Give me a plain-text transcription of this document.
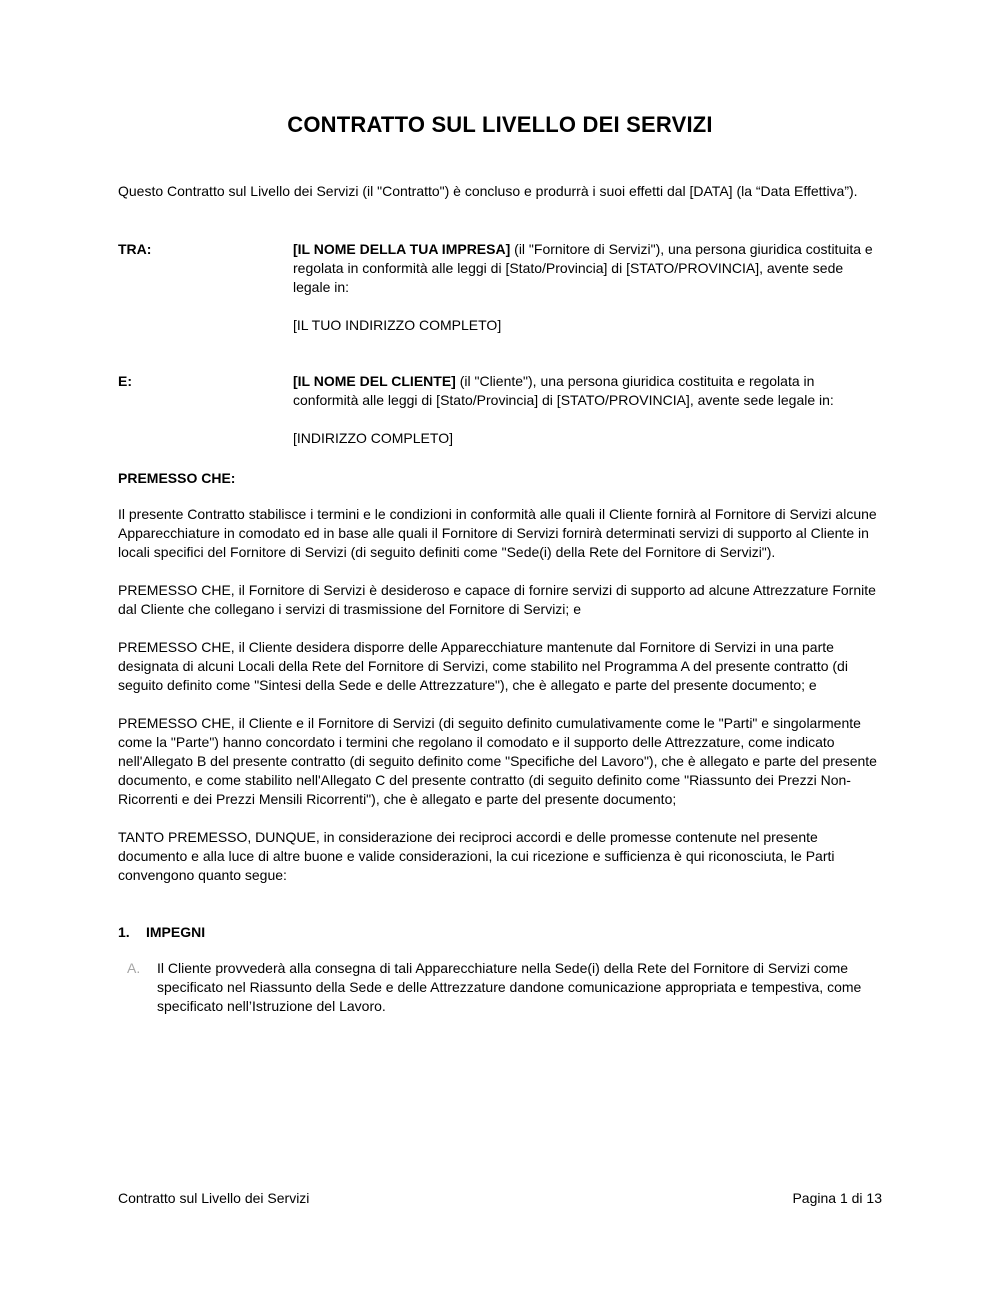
CONTRATTO SUL LIVELLO DEI SERVIZI

Questo Contratto sul Livello dei Servizi (il "Contratto") è concluso e produrrà i suoi effetti dal [DATA] (la “Data Effettiva”).

TRA:	[IL NOME DELLA TUA IMPRESA] (il "Fornitore di Servizi"), una persona giuridica costituita e regolata in conformità alle leggi di [Stato/Provincia] di [STATO/PROVINCIA], avente sede legale in:

[IL TUO INDIRIZZO COMPLETO]

E:	[IL NOME DEL CLIENTE] (il "Cliente"), una persona giuridica costituita e regolata in conformità alle leggi di [Stato/Provincia] di [STATO/PROVINCIA], avente sede legale in:

[INDIRIZZO COMPLETO]

PREMESSO CHE:

Il presente Contratto stabilisce i termini e le condizioni in conformità alle quali il Cliente fornirà al Fornitore di Servizi alcune Apparecchiature in comodato ed in base alle quali il Fornitore di Servizi fornirà determinati servizi di supporto al Cliente in locali specifici del Fornitore di Servizi (di seguito definiti come "Sede(i) della Rete del Fornitore di Servizi").

PREMESSO CHE, il Fornitore di Servizi è desideroso e capace di fornire servizi di supporto ad alcune Attrezzature Fornite dal Cliente che collegano i servizi di trasmissione del Fornitore di Servizi; e

PREMESSO CHE, il Cliente desidera disporre delle Apparecchiature mantenute dal Fornitore di Servizi in una parte designata di alcuni Locali della Rete del Fornitore di Servizi, come stabilito nel Programma A del presente contratto (di seguito definito come "Sintesi della Sede e delle Attrezzature"), che è allegato e parte del presente documento; e

PREMESSO CHE, il Cliente e il Fornitore di Servizi (di seguito definito cumulativamente come le "Parti" e singolarmente come la "Parte") hanno concordato i termini che regolano il comodato e il supporto delle Attrezzature, come indicato nell'Allegato B del presente contratto (di seguito definito come "Specifiche del Lavoro"), che è allegato e parte del presente documento, e come stabilito nell'Allegato C del presente contratto (di seguito definito come "Riassunto dei Prezzi Non-Ricorrenti e dei Prezzi Mensili Ricorrenti"), che è allegato e parte del presente documento;

TANTO PREMESSO, DUNQUE, in considerazione dei reciproci accordi e delle promesse contenute nel presente documento e alla luce di altre buone e valide considerazioni, la cui ricezione e sufficienza è qui riconosciuta, le Parti convengono quanto segue:

1.	IMPEGNI
A.	Il Cliente provvederà alla consegna di tali Apparecchiature nella Sede(i) della Rete del Fornitore di Servizi come specificato nel Riassunto della Sede e delle Attrezzature dandone comunicazione appropriata e tempestiva, come specificato nell’Istruzione del Lavoro.
Contratto sul Livello dei Servizi	Pagina 1 di 13
